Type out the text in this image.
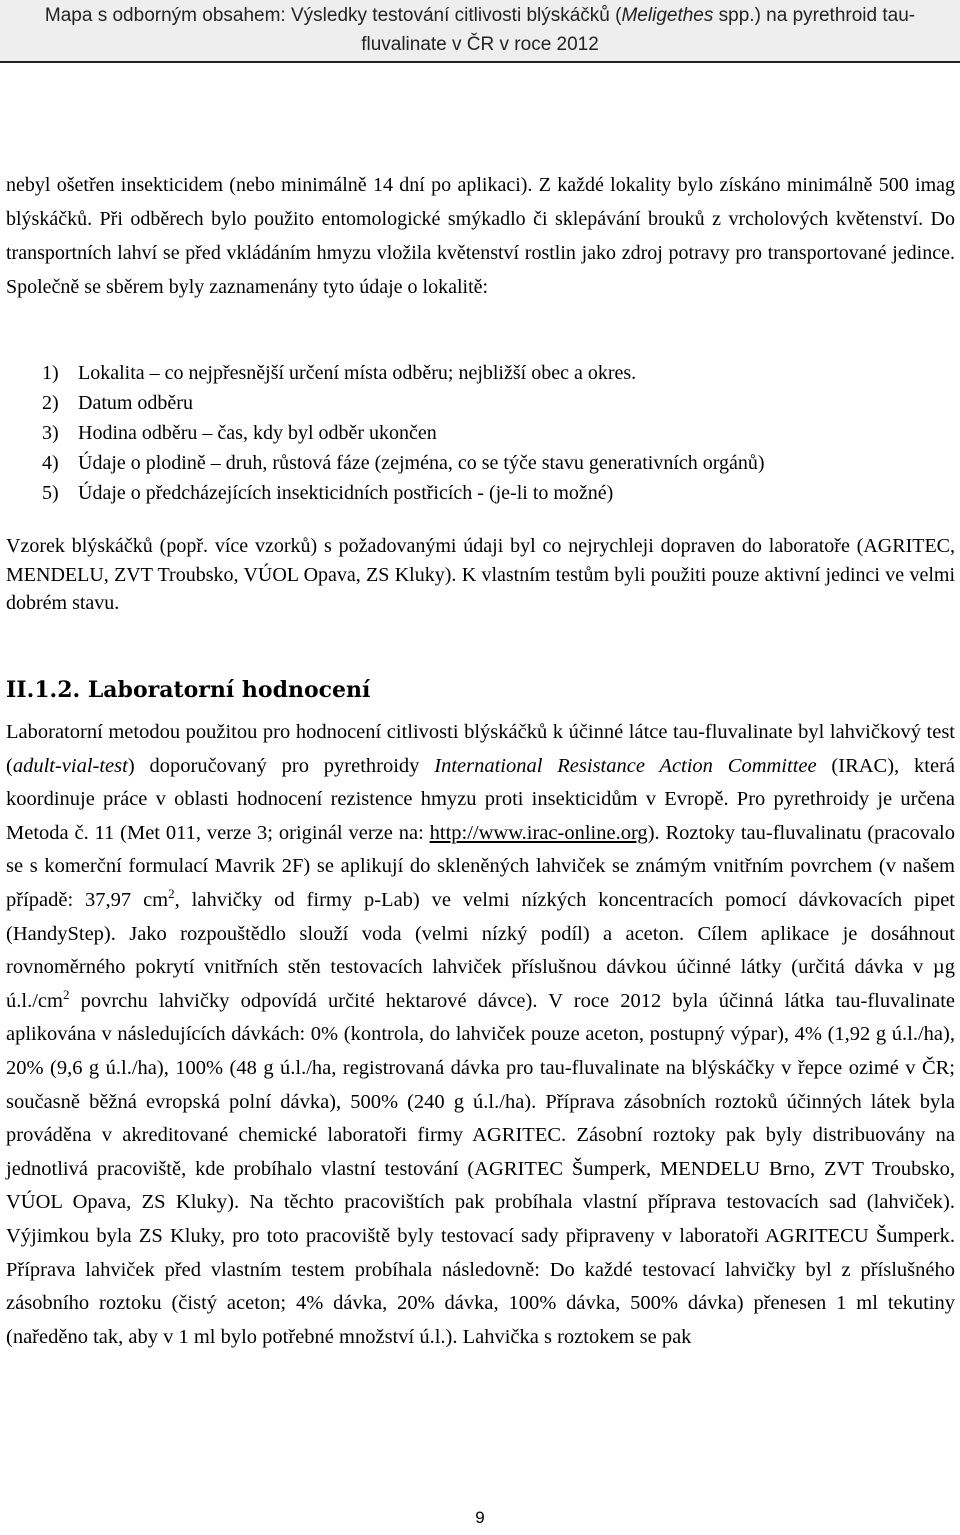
Mapa s odborným obsahem: Výsledky testování citlivosti blýskáčků (Meligethes spp.) na pyrethroid tau-
fluvalinate v ČR v roce 2012
nebyl ošetřen insekticidem (nebo minimálně 14 dní po aplikaci). Z každé lokality bylo získáno minimálně 500 imag blýskáčků. Při odběrech bylo použito entomologické smýkadlo či sklepávání brouků z vrcholových květenství. Do transportních lahví se před vkládáním hmyzu vložila květenství rostlin jako zdroj potravy pro transportované jedince. Společně se sběrem byly zaznamenány tyto údaje o lokalitě:
1) Lokalita – co nejpřesnější určení místa odběru; nejbližší obec a okres.
2) Datum odběru
3) Hodina odběru – čas, kdy byl odběr ukončen
4) Údaje o plodině – druh, růstová fáze (zejména, co se týče stavu generativních orgánů)
5) Údaje o předcházejících insekticidních postřicích - (je-li to možné)
Vzorek blýskáčků (popř. více vzorků) s požadovanými údaji byl co nejrychleji dopraven do laboratoře (AGRITEC, MENDELU, ZVT Troubsko, VÚOL Opava, ZS Kluky). K vlastním testům byli použiti pouze aktivní jedinci ve velmi dobrém stavu.
II.1.2. Laboratorní hodnocení
Laboratorní metodou použitou pro hodnocení citlivosti blýskáčků k účinné látce tau-fluvalinate byl lahvičkový test (adult-vial-test) doporučovaný pro pyrethroidy International Resistance Action Committee (IRAC), která koordinuje práce v oblasti hodnocení rezistence hmyzu proti insekticidům v Evropě. Pro pyrethroidy je určena Metoda č. 11 (Met 011, verze 3; originál verze na: http://www.irac-online.org). Roztoky tau-fluvalinatu (pracovalo se s komerční formulací Mavrik 2F) se aplikují do skleněných lahviček se známým vnitřním povrchem (v našem případě: 37,97 $cm^2$, lahvičky od firmy p-Lab) ve velmi nízkých koncentracích pomocí dávkovacích pipet (HandyStep). Jako rozpouštědlo slouží voda (velmi nízký podíl) a aceton. Cílem aplikace je dosáhnout rovnoměrného pokrytí vnitřních stěn testovacích lahviček příslušnou dávkou účinné látky (určitá dávka v µg $ú.l./cm^2$ povrchu lahvičky odpovídá určité hektarové dávce). V roce 2012 byla účinná látka tau-fluvalinate aplikována v následujících dávkách: 0% (kontrola, do lahviček pouze aceton, postupný výpar), 4% (1,92 g ú.l./ha), 20% (9,6 g ú.l./ha), 100% (48 g ú.l./ha, registrovaná dávka pro tau-fluvalinate na blýskáčky v řepce ozimé v ČR; současně běžná evropská polní dávka), 500% (240 g ú.l./ha). Příprava zásobních roztoků účinných látek byla prováděna v akreditované chemické laboratoři firmy AGRITEC. Zásobní roztoky pak byly distribuovány na jednotlivá pracoviště, kde probíhalo vlastní testování (AGRITEC Šumperk, MENDELU Brno, ZVT Troubsko, VÚOL Opava, ZS Kluky). Na těchto pracovištích pak probíhala vlastní příprava testovacích sad (lahviček). Výjimkou byla ZS Kluky, pro toto pracoviště byly testovací sady připraveny v laboratoři AGRITECU Šumperk. Příprava lahviček před vlastním testem probíhala následovně: Do každé testovací lahvičky byl z příslušného zásobního roztoku (čistý aceton; 4% dávka, 20% dávka, 100% dávka, 500% dávka) přenesen 1 ml tekutiny (naředěno tak, aby v 1 ml bylo potřebné množství ú.l.). Lahvička s roztokem se pak
9
